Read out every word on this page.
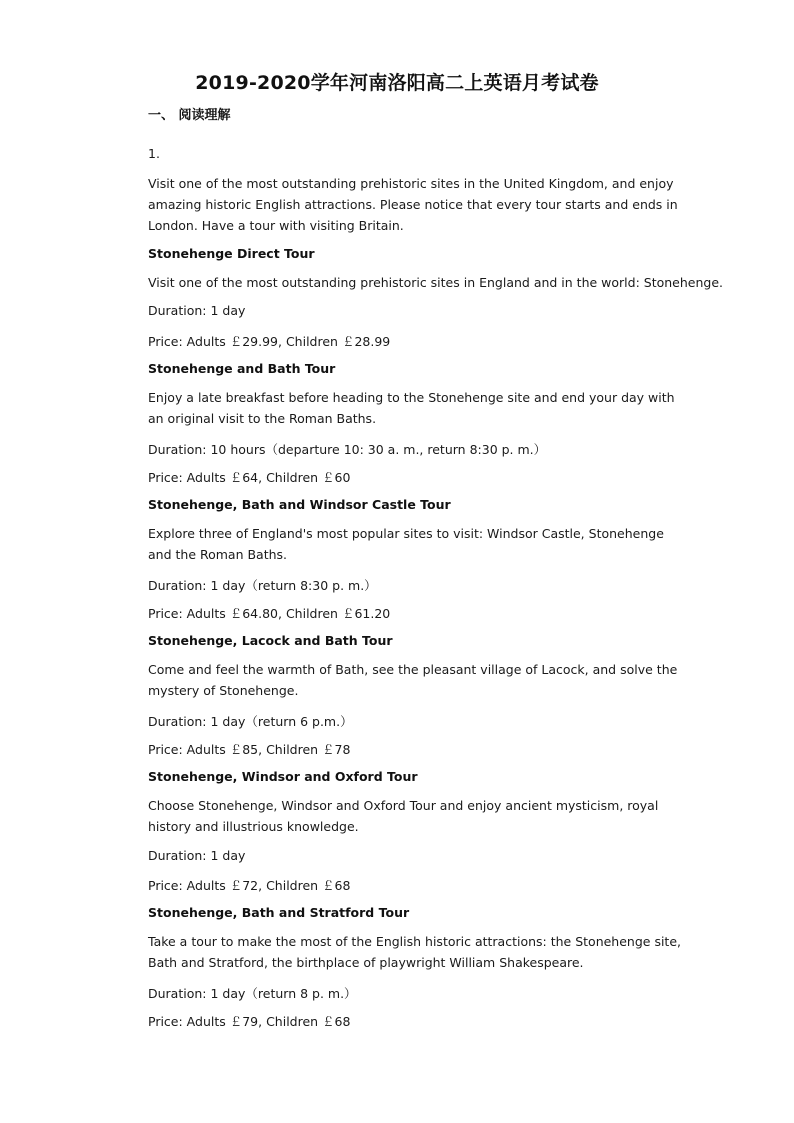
2019-2020学年河南洛阳高二上英语月考试卷
一、 阅读理解
1.
Visit one of the most outstanding prehistoric sites in the United Kingdom, and enjoy amazing historic English attractions. Please notice that every tour starts and ends in London. Have a tour with visiting Britain.
Stonehenge Direct Tour
Visit one of the most outstanding prehistoric sites in England and in the world: Stonehenge.
Duration: 1 day
Price: Adults ￡29.99, Children ￡28.99
Stonehenge and Bath Tour
Enjoy a late breakfast before heading to the Stonehenge site and end your day with an original visit to the Roman Baths.
Duration: 10 hours（departure 10: 30 a. m., return 8:30 p. m.）
Price: Adults ￡64, Children ￡60
Stonehenge, Bath and Windsor Castle Tour
Explore three of England's most popular sites to visit: Windsor Castle, Stonehenge and the Roman Baths.
Duration: 1 day（return 8:30 p. m.）
Price: Adults ￡64.80, Children ￡61.20
Stonehenge, Lacock and Bath Tour
Come and feel the warmth of Bath, see the pleasant village of Lacock, and solve the mystery of Stonehenge.
Duration: 1 day（return 6 p.m.）
Price: Adults ￡85, Children ￡78
Stonehenge, Windsor and Oxford Tour
Choose Stonehenge, Windsor and Oxford Tour and enjoy ancient mysticism, royal history and illustrious knowledge.
Duration: 1 day
Price: Adults ￡72, Children ￡68
Stonehenge, Bath and Stratford Tour
Take a tour to make the most of the English historic attractions: the Stonehenge site, Bath and Stratford, the birthplace of playwright William Shakespeare.
Duration: 1 day（return 8 p. m.）
Price: Adults ￡79, Children ￡68
